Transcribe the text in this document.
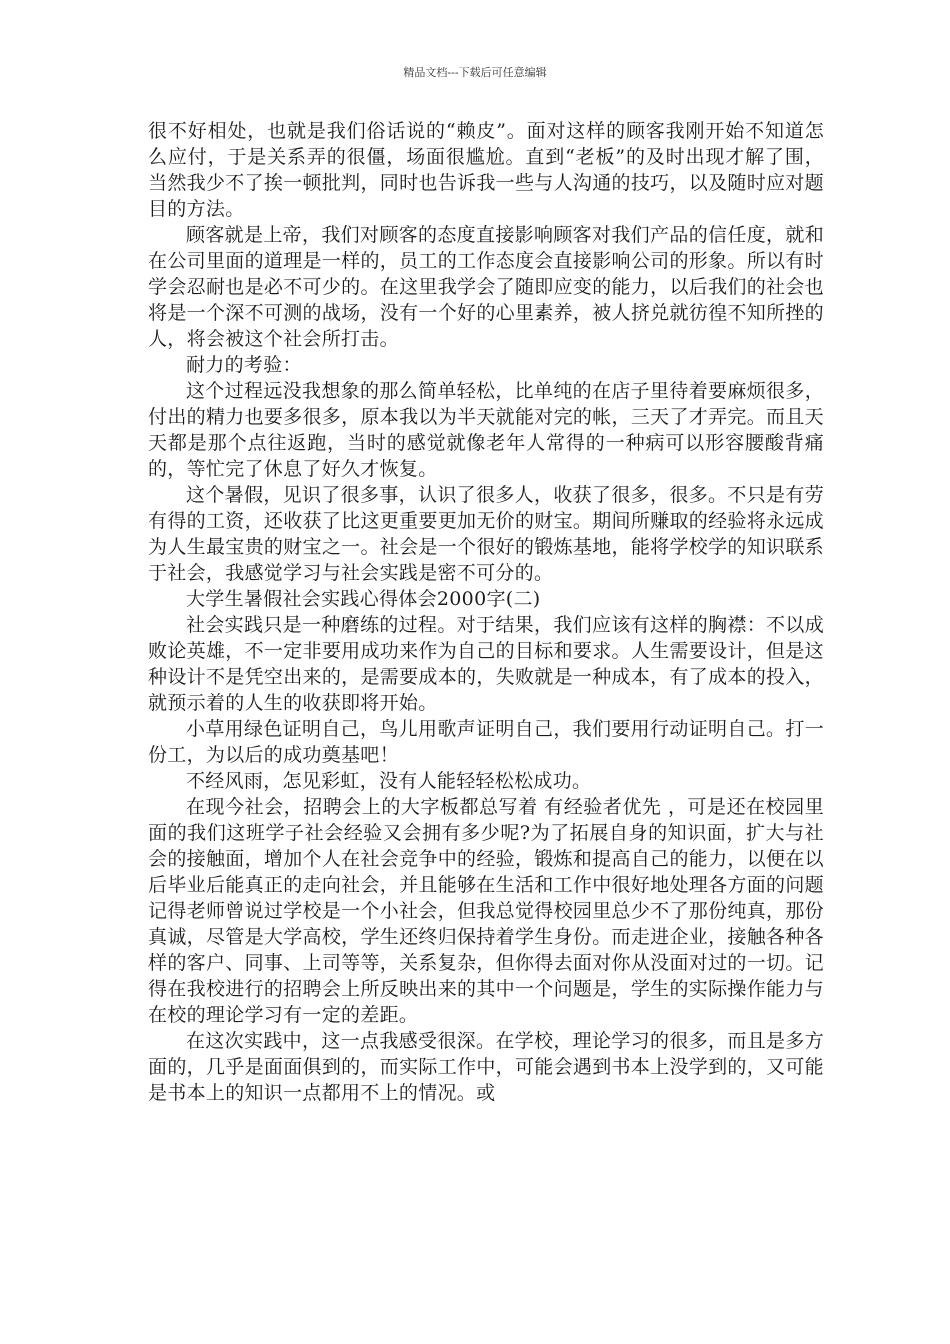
精品文档---下载后可任意编辑

很不好相处，也就是我们俗话说的“赖皮”。面对这样的顾客我刚开始不知道怎么应付，于是关系弄的很僵，场面很尴尬。直到“老板”的及时出现才解了围，当然我少不了挨一顿批判，同时也告诉我一些与人沟通的技巧，以及随时应对题目的方法。

顾客就是上帝，我们对顾客的态度直接影响顾客对我们产品的信任度，就和在公司里面的道理是一样的，员工的工作态度会直接影响公司的形象。所以有时学会忍耐也是必不可少的。在这里我学会了随即应变的能力，以后我们的社会也将是一个深不可测的战场，没有一个好的心里素养，被人挤兑就彷徨不知所挫的人，将会被这个社会所打击。

耐力的考验：

这个过程远没我想象的那么简单轻松，比单纯的在店子里待着要麻烦很多，付出的精力也要多很多，原本我以为半天就能对完的帐，三天了才弄完。而且天天都是那个点往返跑，当时的感觉就像老年人常得的一种病可以形容腰酸背痛的，等忙完了休息了好久才恢复。

这个暑假，见识了很多事，认识了很多人，收获了很多，很多。不只是有劳有得的工资，还收获了比这更重要更加无价的财宝。期间所赚取的经验将永远成为人生最宝贵的财宝之一。社会是一个很好的锻炼基地，能将学校学的知识联系于社会，我感觉学习与社会实践是密不可分的。

大学生暑假社会实践心得体会2000字(二)

社会实践只是一种磨练的过程。对于结果，我们应该有这样的胸襟：不以成败论英雄，不一定非要用成功来作为自己的目标和要求。人生需要设计，但是这种设计不是凭空出来的，是需要成本的，失败就是一种成本，有了成本的投入，就预示着的人生的收获即将开始。

小草用绿色证明自己，鸟儿用歌声证明自己，我们要用行动证明自己。打一份工，为以后的成功奠基吧！

不经风雨，怎见彩虹，没有人能轻轻松松成功。

在现今社会，招聘会上的大字板都总写着 有经验者优先 ，可是还在校园里面的我们这班学子社会经验又会拥有多少呢?为了拓展自身的知识面，扩大与社会的接触面，增加个人在社会竞争中的经验，锻炼和提高自己的能力，以便在以后毕业后能真正的走向社会，并且能够在生活和工作中很好地处理各方面的问题记得老师曾说过学校是一个小社会，但我总觉得校园里总少不了那份纯真，那份真诚，尽管是大学高校，学生还终归保持着学生身份。而走进企业，接触各种各样的客户、同事、上司等等，关系复杂，但你得去面对你从没面对过的一切。记得在我校进行的招聘会上所反映出来的其中一个问题是，学生的实际操作能力与在校的理论学习有一定的差距。

在这次实践中，这一点我感受很深。在学校，理论学习的很多，而且是多方面的，几乎是面面俱到的，而实际工作中，可能会遇到书本上没学到的，又可能是书本上的知识一点都用不上的情况。或
